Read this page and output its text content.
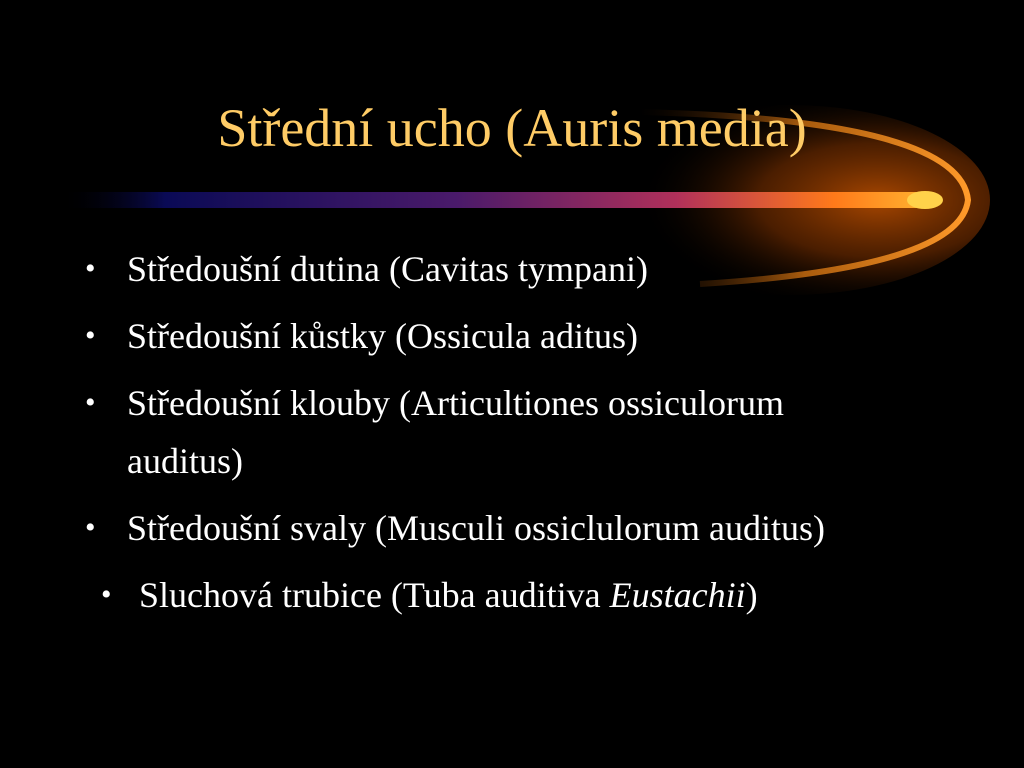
Střední ucho (Auris media)
• Středoušní dutina (Cavitas tympani)
• Středoušní kůstky (Ossicula aditus)
• Středoušní klouby (Articultiones ossiculorum auditus)
• Středoušní svaly (Musculi ossiclulorum auditus)
• Sluchová trubice (Tuba auditiva Eustachii)
